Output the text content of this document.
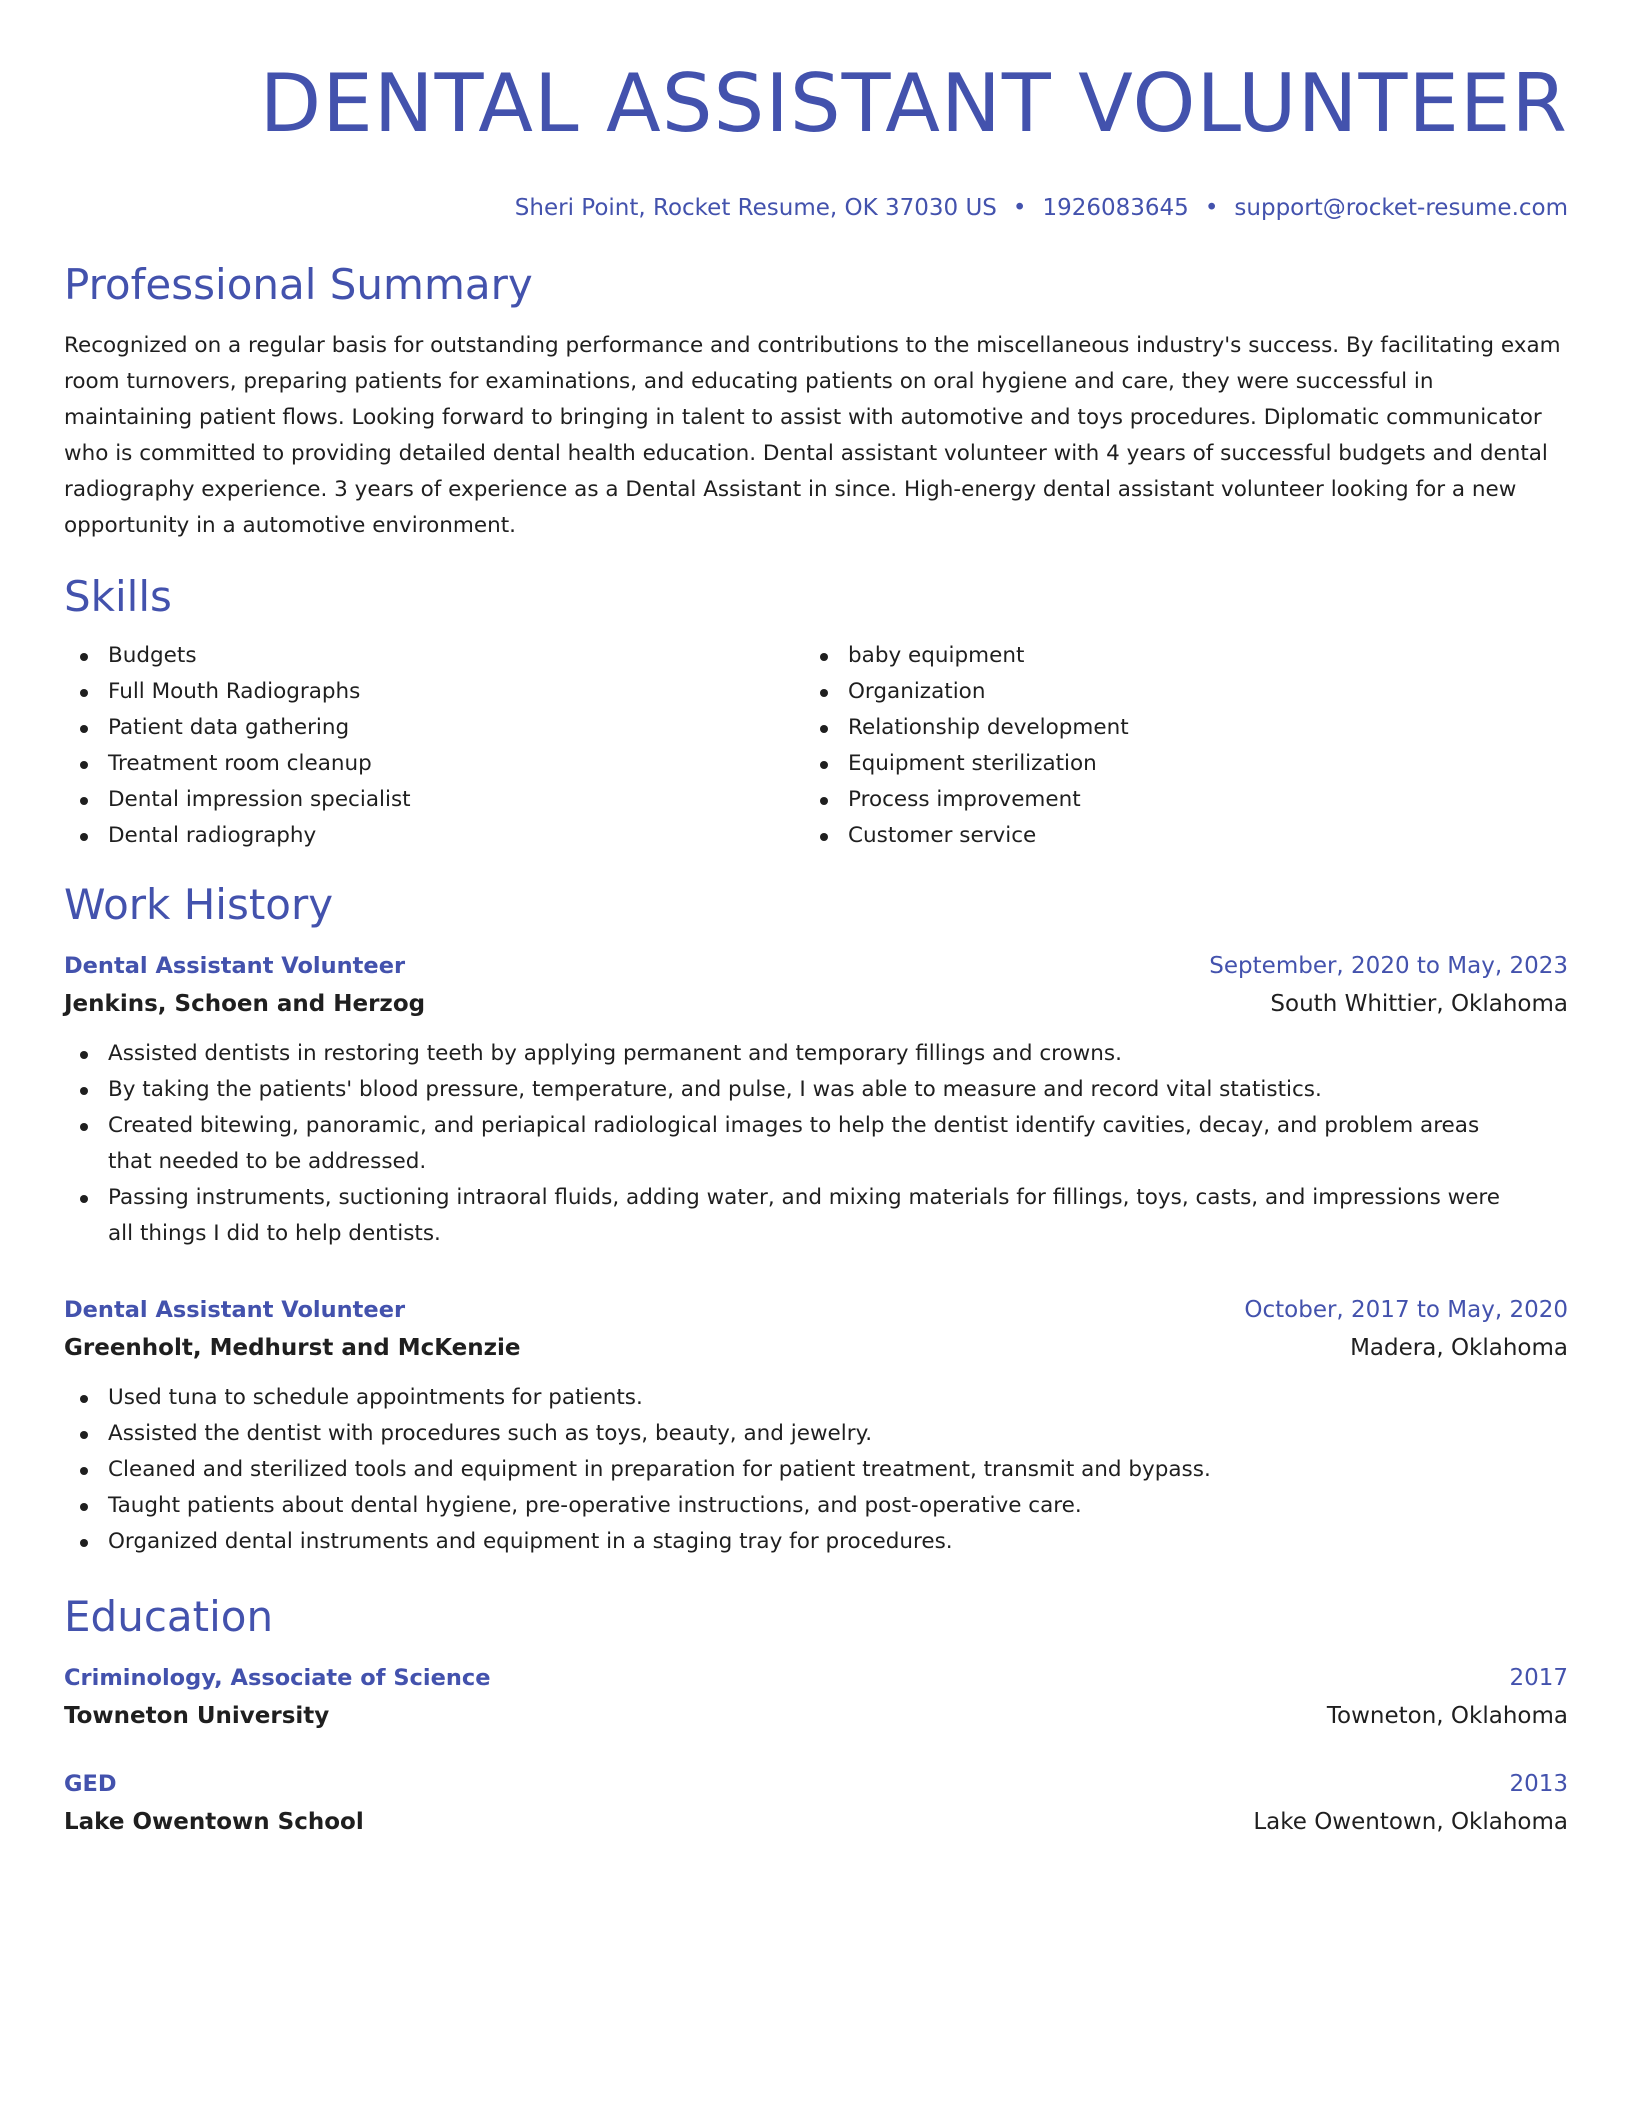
DENTAL ASSISTANT VOLUNTEER
Sheri Point, Rocket Resume, OK 37030 US • 1926083645 • support@rocket-resume.com
Professional Summary
Recognized on a regular basis for outstanding performance and contributions to the miscellaneous industry's success. By facilitating exam room turnovers, preparing patients for examinations, and educating patients on oral hygiene and care, they were successful in maintaining patient flows. Looking forward to bringing in talent to assist with automotive and toys procedures. Diplomatic communicator who is committed to providing detailed dental health education. Dental assistant volunteer with 4 years of successful budgets and dental radiography experience. 3 years of experience as a Dental Assistant in since. High-energy dental assistant volunteer looking for a new opportunity in a automotive environment.
Skills
Budgets
Full Mouth Radiographs
Patient data gathering
Treatment room cleanup
Dental impression specialist
Dental radiography
baby equipment
Organization
Relationship development
Equipment sterilization
Process improvement
Customer service
Work History
Dental Assistant Volunteer	September, 2020 to May, 2023
Jenkins, Schoen and Herzog	South Whittier, Oklahoma
Assisted dentists in restoring teeth by applying permanent and temporary fillings and crowns.
By taking the patients' blood pressure, temperature, and pulse, I was able to measure and record vital statistics.
Created bitewing, panoramic, and periapical radiological images to help the dentist identify cavities, decay, and problem areas that needed to be addressed.
Passing instruments, suctioning intraoral fluids, adding water, and mixing materials for fillings, toys, casts, and impressions were all things I did to help dentists.
Dental Assistant Volunteer	October, 2017 to May, 2020
Greenholt, Medhurst and McKenzie	Madera, Oklahoma
Used tuna to schedule appointments for patients.
Assisted the dentist with procedures such as toys, beauty, and jewelry.
Cleaned and sterilized tools and equipment in preparation for patient treatment, transmit and bypass.
Taught patients about dental hygiene, pre-operative instructions, and post-operative care.
Organized dental instruments and equipment in a staging tray for procedures.
Education
Criminology, Associate of Science	2017
Towneton University	Towneton, Oklahoma
GED	2013
Lake Owentown School	Lake Owentown, Oklahoma
